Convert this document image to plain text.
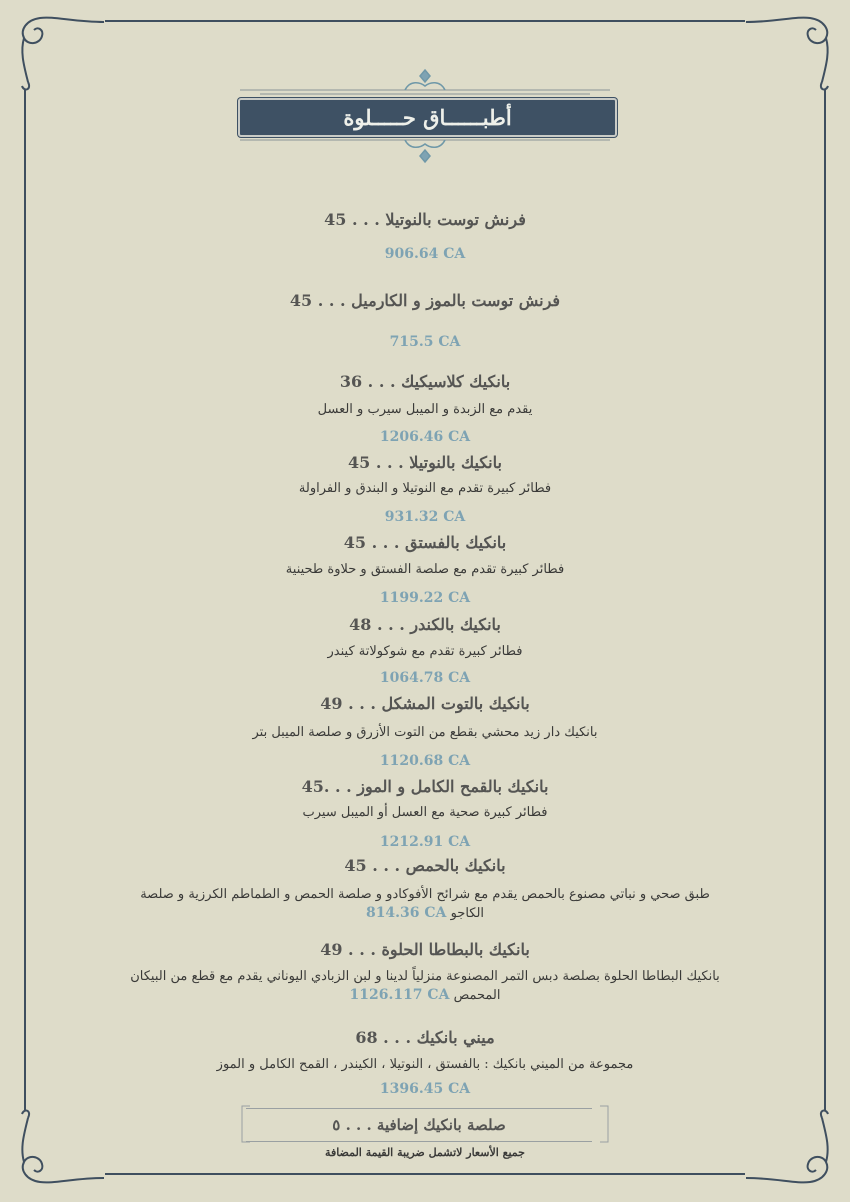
أطبــــــاق حـــــلوة
فرنش توست بالنوتيلا . . . 45
906.64 CA
فرنش توست بالموز و الكارميل . . . 45
715.5 CA
بانكيك كلاسيكيك . . . 36
يقدم مع الزبدة و الميبل سيرب و العسل
1206.46 CA
بانكيك بالنوتيلا . . . 45
فطائر كبيرة تقدم مع النوتيلا و البندق و الفراولة
931.32 CA
بانكيك بالفستق . . . 45
فطائر كبيرة تقدم مع صلصة الفستق و حلاوة طحينية
1199.22 CA
بانكيك بالكندر . . . 48
فطائر كبيرة تقدم مع شوكولاتة كيندر
1064.78 CA
بانكيك بالتوت المشكل . . . 49
بانكيك دار زيد محشي بقطع من التوت الأزرق و صلصة الميبل بتر
1120.68 CA
بانكيك بالقمح الكامل و الموز . . .45
فطائر كبيرة صحية مع العسل أو الميبل سيرب
1212.91 CA
بانكيك بالحمص . . . 45
طبق صحي و نباتي مصنوع بالحمص يقدم مع شرائح الأفوكادو و صلصة الحمص و الطماطم الكرزية و صلصة الكاجو 814.36 CA
بانكيك بالبطاطا الحلوة . . . 49
بانكيك البطاطا الحلوة بصلصة دبس التمر المصنوعة منزلياً لدينا و لبن الزبادي اليوناني يقدم مع قطع من البيكان المحمص 1126.117 CA
ميني بانكيك . . . 68
مجموعة من الميني بانكيك : بالفستق ، النوتيلا ، الكيندر ، القمح الكامل و الموز
1396.45 CA
صلصة بانكيك إضافية . . . ٥
جميع الأسعار لاتشمل ضريبة القيمة المضافة
